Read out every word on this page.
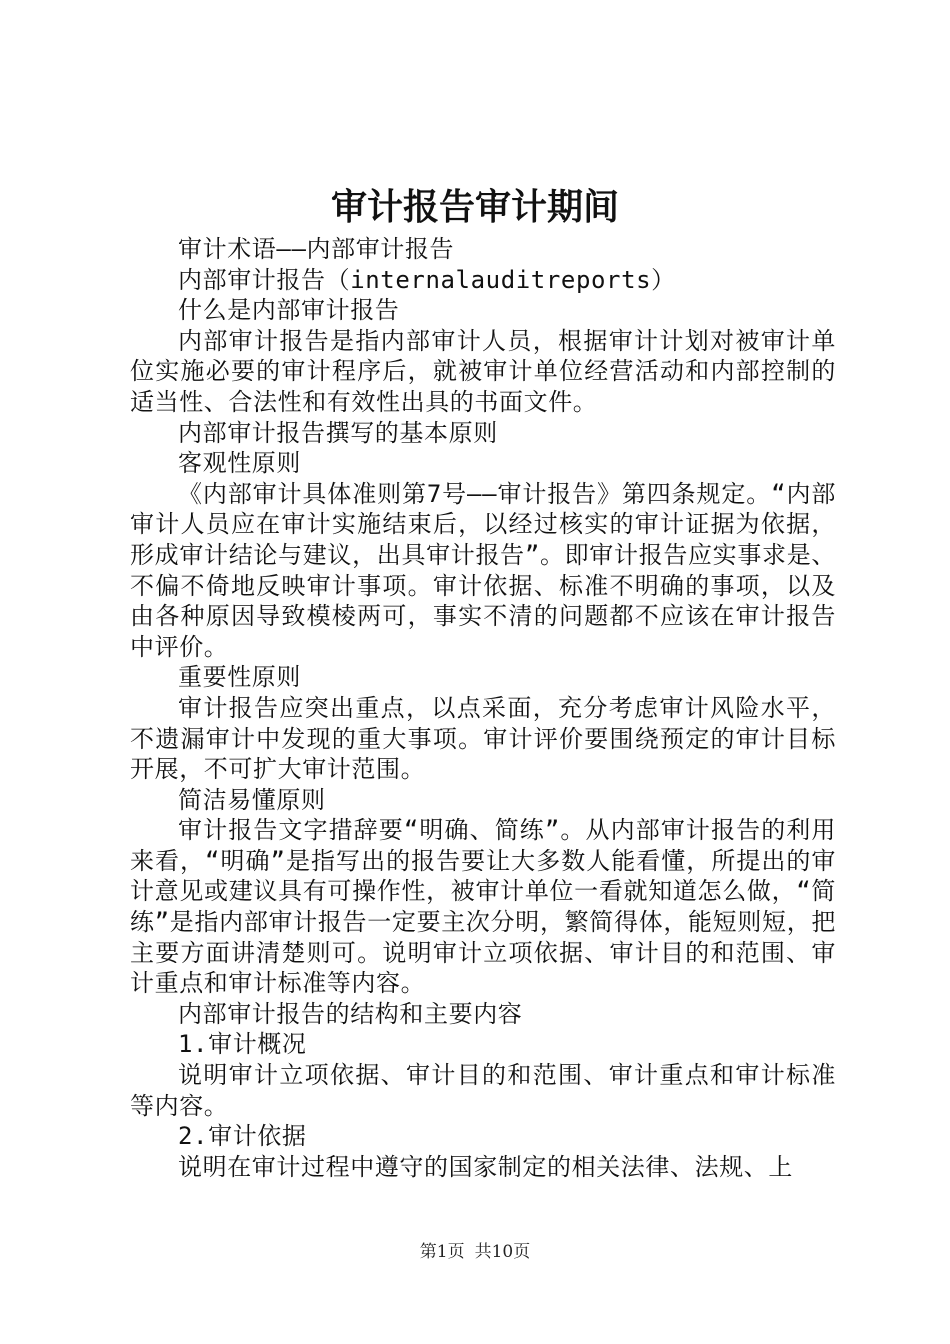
审计报告审计期间

审计术语——内部审计报告

内部审计报告（internalauditreports）

什么是内部审计报告

内部审计报告是指内部审计人员，根据审计计划对被审计单位实施必要的审计程序后，就被审计单位经营活动和内部控制的适当性、合法性和有效性出具的书面文件。

内部审计报告撰写的基本原则

客观性原则

《内部审计具体准则第7号——审计报告》第四条规定。“内部审计人员应在审计实施结束后，以经过核实的审计证据为依据，形成审计结论与建议，出具审计报告”。即审计报告应实事求是、不偏不倚地反映审计事项。审计依据、标准不明确的事项，以及由各种原因导致模棱两可，事实不清的问题都不应该在审计报告中评价。

重要性原则

审计报告应突出重点，以点采面，充分考虑审计风险水平，不遗漏审计中发现的重大事项。审计评价要围绕预定的审计目标开展，不可扩大审计范围。

简洁易懂原则

审计报告文字措辞要“明确、简练”。从内部审计报告的利用来看，“明确”是指写出的报告要让大多数人能看懂，所提出的审计意见或建议具有可操作性，被审计单位一看就知道怎么做，“简练”是指内部审计报告一定要主次分明，繁简得体，能短则短，把主要方面讲清楚则可。说明审计立项依据、审计目的和范围、审计重点和审计标准等内容。

内部审计报告的结构和主要内容

1.审计概况

说明审计立项依据、审计目的和范围、审计重点和审计标准等内容。

2.审计依据

说明在审计过程中遵守的国家制定的相关法律、法规、上

第1页 共10页
